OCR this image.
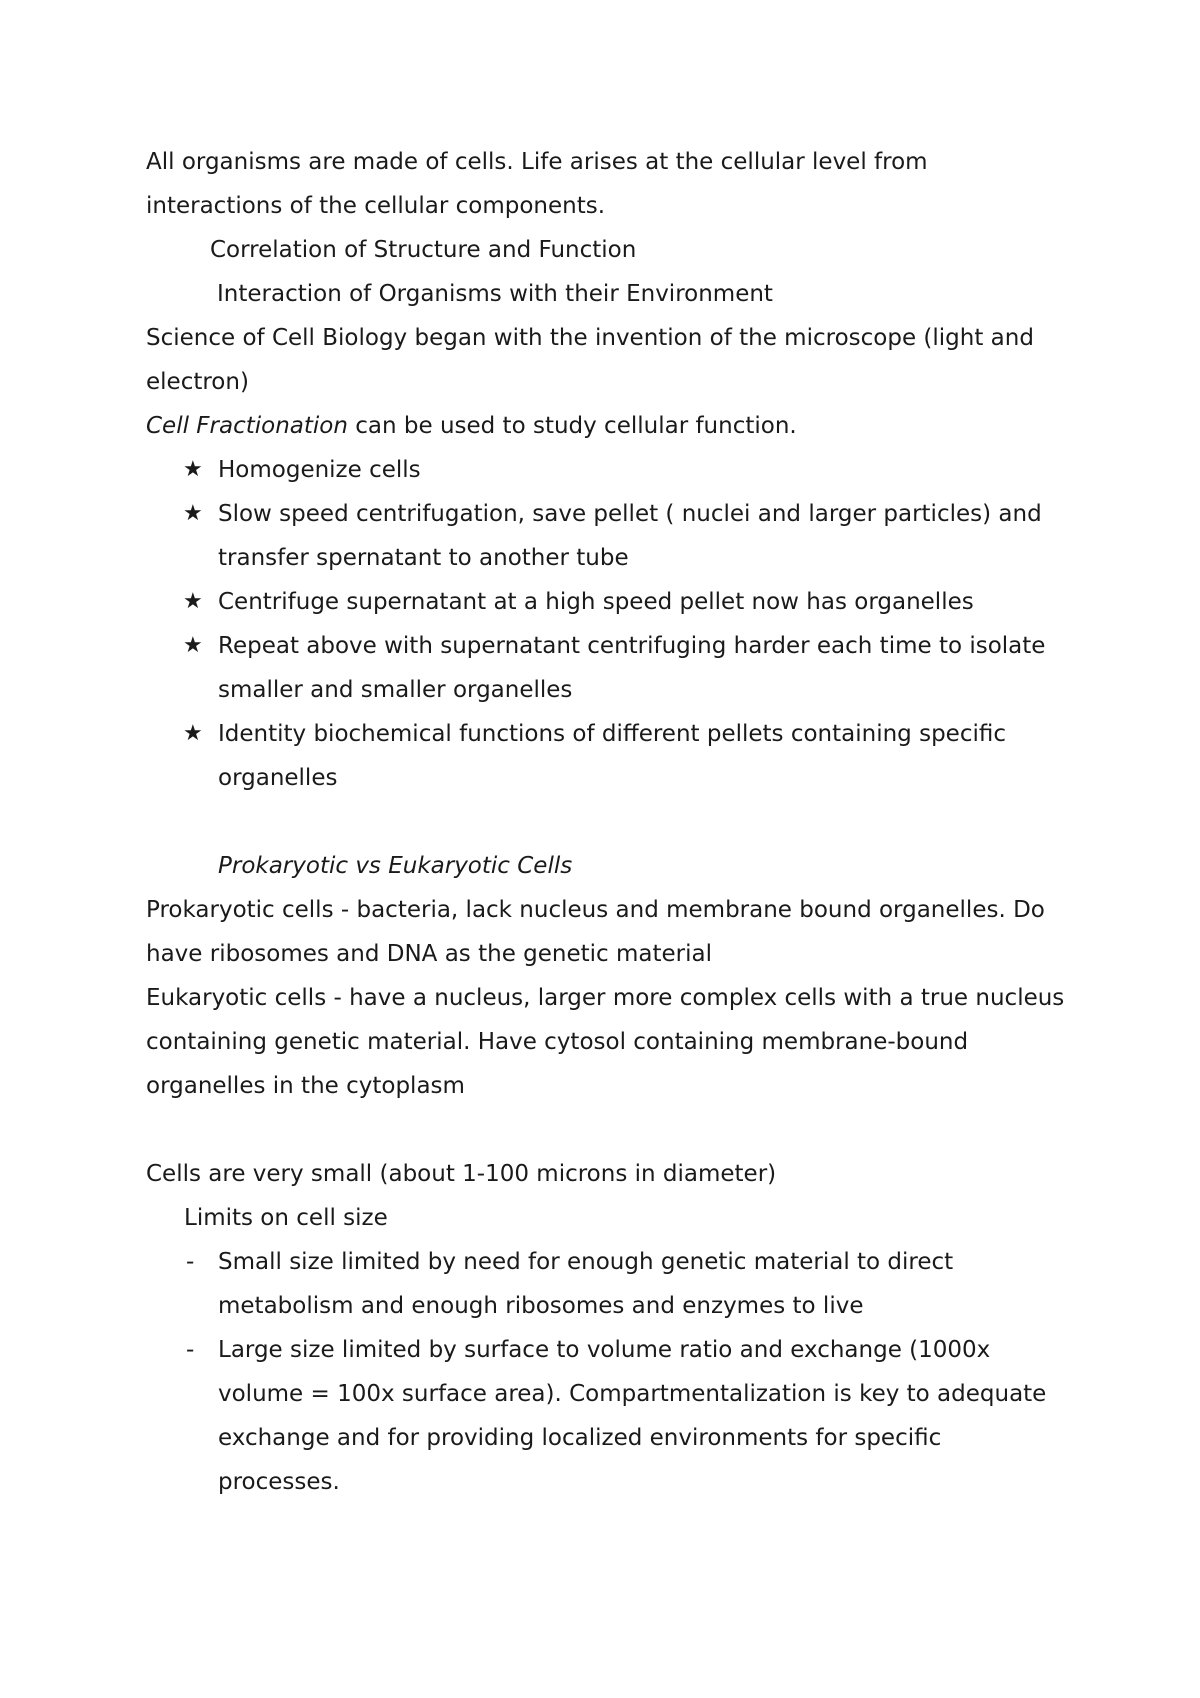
All organisms are made of cells. Life arises at the cellular level from interactions of the cellular components.

Correlation of Structure and Function

Interaction of Organisms with their Environment

Science of Cell Biology began with the invention of the microscope (light and electron)

Cell Fractionation can be used to study cellular function.

★ Homogenize cells
★ Slow speed centrifugation, save pellet ( nuclei and larger particles) and transfer spernatant to another tube
★ Centrifuge supernatant at a high speed pellet now has organelles
★ Repeat above with supernatant centrifuging harder each time to isolate smaller and smaller organelles
★ Identity biochemical functions of different pellets containing specific organelles

Prokaryotic vs Eukaryotic Cells

Prokaryotic cells - bacteria, lack nucleus and membrane bound organelles. Do have ribosomes and DNA as the genetic material

Eukaryotic cells - have a nucleus, larger more complex cells with a true nucleus containing genetic material. Have cytosol containing membrane-bound organelles in the cytoplasm

Cells are very small (about 1-100 microns in diameter)

Limits on cell size

- Small size limited by need for enough genetic material to direct metabolism and enough ribosomes and enzymes to live
- Large size limited by surface to volume ratio and exchange (1000x volume = 100x surface area). Compartmentalization is key to adequate exchange and for providing localized environments for specific processes.
